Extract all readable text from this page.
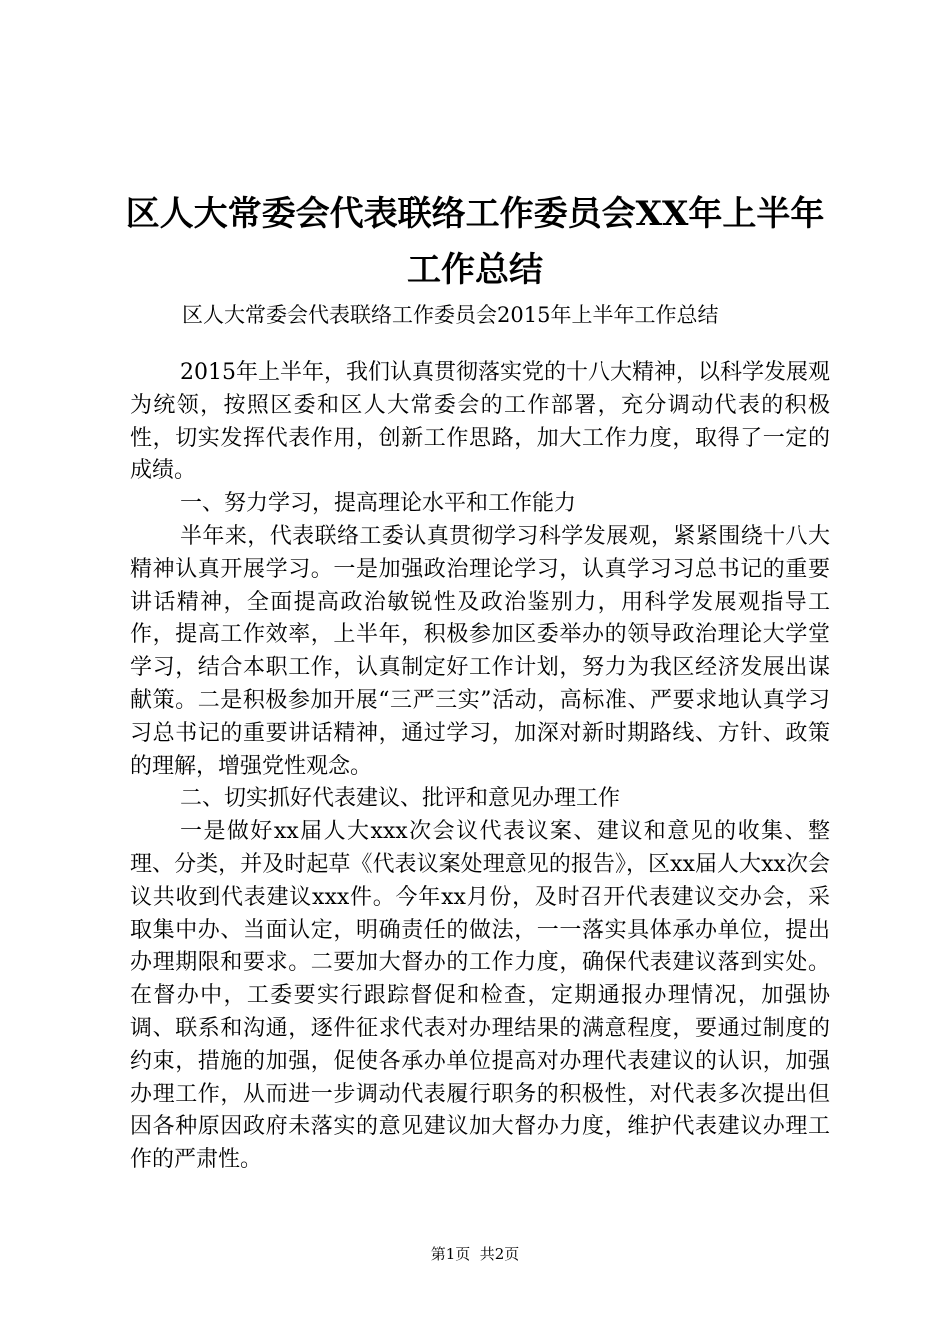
区人大常委会代表联络工作委员会XX年上半年工作总结

区人大常委会代表联络工作委员会2015年上半年工作总结

2015年上半年，我们认真贯彻落实党的十八大精神，以科学发展观为统领，按照区委和区人大常委会的工作部署，充分调动代表的积极性，切实发挥代表作用，创新工作思路，加大工作力度，取得了一定的成绩。

一、努力学习，提高理论水平和工作能力

半年来，代表联络工委认真贯彻学习科学发展观，紧紧围绕十八大精神认真开展学习。一是加强政治理论学习，认真学习习总书记的重要讲话精神，全面提高政治敏锐性及政治鉴别力，用科学发展观指导工作，提高工作效率，上半年，积极参加区委举办的领导政治理论大学堂学习，结合本职工作，认真制定好工作计划，努力为我区经济发展出谋献策。二是积极参加开展“三严三实”活动，高标准、严要求地认真学习习总书记的重要讲话精神，通过学习，加深对新时期路线、方针、政策的理解，增强党性观念。

二、切实抓好代表建议、批评和意见办理工作

一是做好xx届人大xxx次会议代表议案、建议和意见的收集、整理、分类，并及时起草《代表议案处理意见的报告》，区xx届人大xx次会议共收到代表建议xxx件。今年xx月份，及时召开代表建议交办会，采取集中办、当面认定，明确责任的做法，一一落实具体承办单位，提出办理期限和要求。二要加大督办的工作力度，确保代表建议落到实处。在督办中，工委要实行跟踪督促和检查，定期通报办理情况，加强协调、联系和沟通，逐件征求代表对办理结果的满意程度，要通过制度的约束，措施的加强，促使各承办单位提高对办理代表建议的认识，加强办理工作，从而进一步调动代表履行职务的积极性，对代表多次提出但因各种原因政府未落实的意见建议加大督办力度，维护代表建议办理工作的严肃性。

第1页  共2页
